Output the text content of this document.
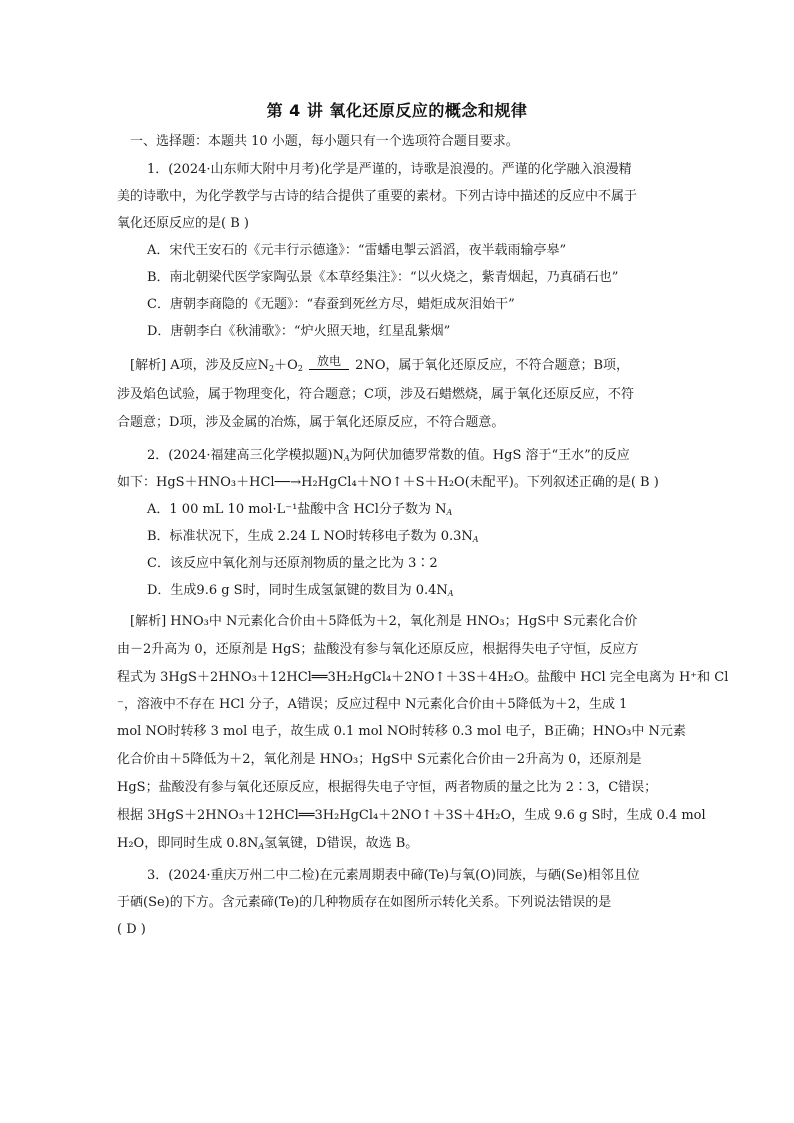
第 4 讲 氧化还原反应的概念和规律
一、选择题：本题共 10 小题，每小题只有一个选项符合题目要求。
1．(2024·山东师大附中月考)化学是严谨的，诗歌是浪漫的。严谨的化学融入浪漫精
美的诗歌中，为化学教学与古诗的结合提供了重要的素材。下列古诗中描述的反应中不属于
氧化还原反应的是( B )
A．宋代王安石的《元丰行示德逢》：“雷蟠电掣云滔滔，夜半载雨输亭皋”
B．南北朝梁代医学家陶弘景《本草经集注》：“以火烧之，紫青烟起，乃真硝石也”
C．唐朝李商隐的《无题》：“春蚕到死丝方尽，蜡炬成灰泪始干”
D．唐朝李白《秋浦歌》：“炉火照天地，红星乱紫烟”
[解析] A项，涉及反应$N_2+O_2$
放电 2NO，属于氧化还原反应，不符合题意；B项，
涉及焰色试验，属于物理变化，符合题意；C项，涉及石蜡燃烧，属于氧化还原反应，不符
合题意；D项，涉及金属的冶炼，属于氧化还原反应，不符合题意。
2．(2024·福建高三化学模拟题)$N_A$为阿伏加德罗常数的值。HgS 溶于“王水”的反应
如下：HgS＋HNO₃＋HCl──→H₂HgCl₄＋NO↑＋S＋H₂O(未配平)。下列叙述正确的是( B )
A．1 00 mL 10 mol·L⁻¹盐酸中含 HCl分子数为 $N_A$
B．标准状况下，生成 2.24 L NO时转移电子数为 $0.3N_A$
C．该反应中氧化剂与还原剂物质的量之比为 3∶2
D．生成9.6 g S时，同时生成氢氯键的数目为 $0.4N_A$
[解析] HNO₃中 N元素化合价由＋5降低为＋2，氧化剂是 HNO₃；HgS中 S元素化合价
由－2升高为 0，还原剂是 HgS；盐酸没有参与氧化还原反应，根据得失电子守恒，反应方
程式为 3HgS＋2HNO₃＋12HCl══3H₂HgCl₄＋2NO↑＋3S＋4H₂O。盐酸中 HCl 完全电离为 H⁺和 Cl
⁻，溶液中不存在 HCl 分子，A错误；反应过程中 N元素化合价由＋5降低为＋2，生成 1
mol NO时转移 3 mol 电子，故生成 0.1 mol NO时转移 0.3 mol 电子，B正确；HNO₃中 N元素
化合价由＋5降低为＋2，氧化剂是 HNO₃；HgS中 S元素化合价由－2升高为 0，还原剂是
HgS；盐酸没有参与氧化还原反应，根据得失电子守恒，两者物质的量之比为 2∶3，C错误；
根据 3HgS＋2HNO₃＋12HCl══3H₂HgCl₄＋2NO↑＋3S＋4H₂O，生成 9.6 g S时，生成 0.4 mol
H₂O，即同时生成 $0.8N_A$氢氧键，D错误，故选 B。
3．(2024·重庆万州二中二检)在元素周期表中碲(Te)与氧(O)同族，与硒(Se)相邻且位
于硒(Se)的下方。含元素碲(Te)的几种物质存在如图所示转化关系。下列说法错误的是
( D )
